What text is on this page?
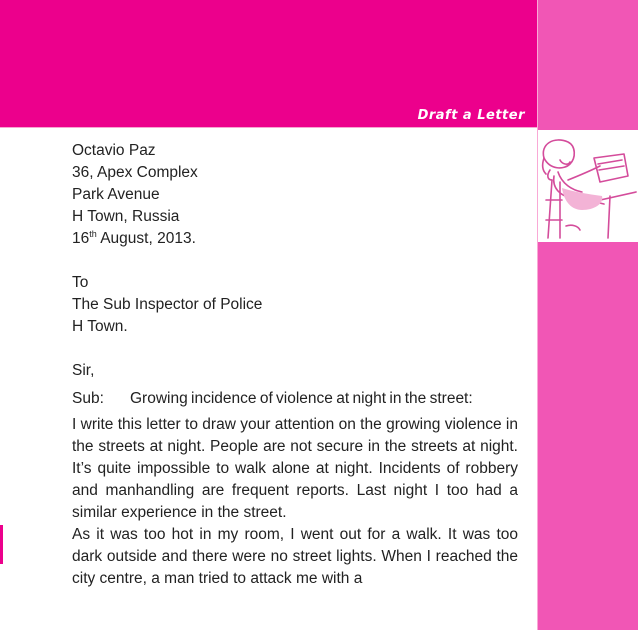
Draft a Letter
Octavio Paz
36, Apex Complex
Park Avenue
H Town, Russia
16th August, 2013.
To
The Sub Inspector of Police
H Town.
Sir,
Sub: Growing incidence of violence at night in the street:
I write this letter to draw your attention on the growing violence in the streets at night. People are not secure in the streets at night. It’s quite impossible to walk alone at night. Incidents of robbery and manhandling are frequent reports. Last night I too had a similar experience in the street.
As it was too hot in my room, I went out for a walk. It was too dark outside and there were no street lights. When I reached the city centre, a man tried to attack me with a
